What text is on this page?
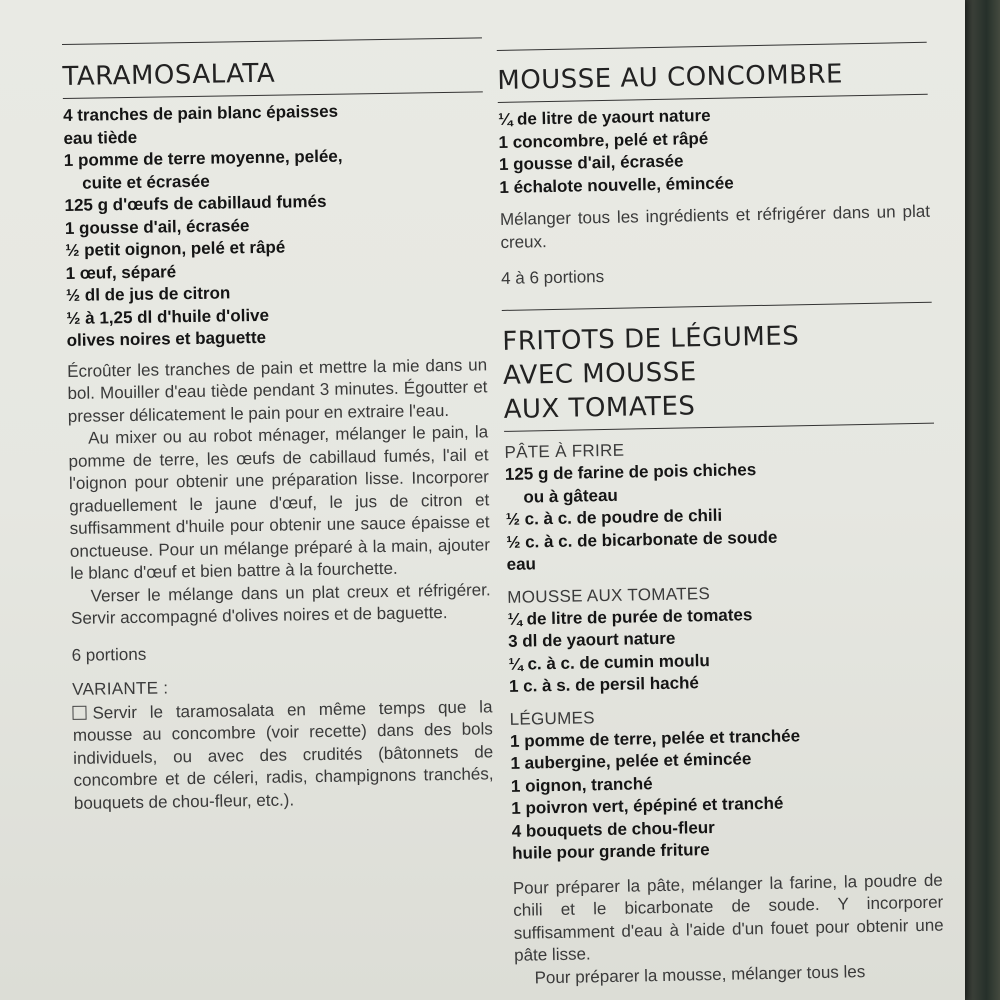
TARAMOSALATA
4 tranches de pain blanc épaisses
eau tiède
1 pomme de terre moyenne, pelée,
cuite et écrasée
125 g d'œufs de cabillaud fumés
1 gousse d'ail, écrasée
½ petit oignon, pelé et râpé
1 œuf, séparé
½ dl de jus de citron
½ à 1,25 dl d'huile d'olive
olives noires et baguette

Écroûter les tranches de pain et mettre la mie dans un bol. Mouiller d'eau tiède pendant 3 minutes. Égoutter et presser délicatement le pain pour en extraire l'eau.

Au mixer ou au robot ménager, mélanger le pain, la pomme de terre, les œufs de cabillaud fumés, l'ail et l'oignon pour obtenir une préparation lisse. Incorporer graduellement le jaune d'œuf, le jus de citron et suffisamment d'huile pour obtenir une sauce épaisse et onctueuse. Pour un mélange préparé à la main, ajouter le blanc d'œuf et bien battre à la fourchette.

Verser le mélange dans un plat creux et réfrigérer. Servir accompagné d'olives noires et de baguette.

6 portions
VARIANTE :

Servir le taramosalata en même temps que la mousse au concombre (voir recette) dans des bols individuels, ou avec des crudités (bâtonnets de concombre et de céleri, radis, champignons tranchés, bouquets de chou-fleur, etc.).

MOUSSE AU CONCOMBRE
¼ de litre de yaourt nature
1 concombre, pelé et râpé
1 gousse d'ail, écrasée
1 échalote nouvelle, émincée
Mélanger tous les ingrédients et réfrigérer dans un plat creux.
4 à 6 portions
FRITOTS DE LÉGUMES
AVEC MOUSSE
AUX TOMATES
PÂTE À FRIRE
125 g de farine de pois chiches
ou à gâteau
½ c. à c. de poudre de chili
½ c. à c. de bicarbonate de soude
eau
MOUSSE AUX TOMATES
¼ de litre de purée de tomates
3 dl de yaourt nature
¼ c. à c. de cumin moulu
1 c. à s. de persil haché
LÉGUMES
1 pomme de terre, pelée et tranchée
1 aubergine, pelée et émincée
1 oignon, tranché
1 poivron vert, épépiné et tranché
4 bouquets de chou-fleur
huile pour grande friture

Pour préparer la pâte, mélanger la farine, la poudre de chili et le bicarbonate de soude. Y incorporer suffisamment d'eau à l'aide d'un fouet pour obtenir une pâte lisse.

Pour préparer la mousse, mélanger tous les
